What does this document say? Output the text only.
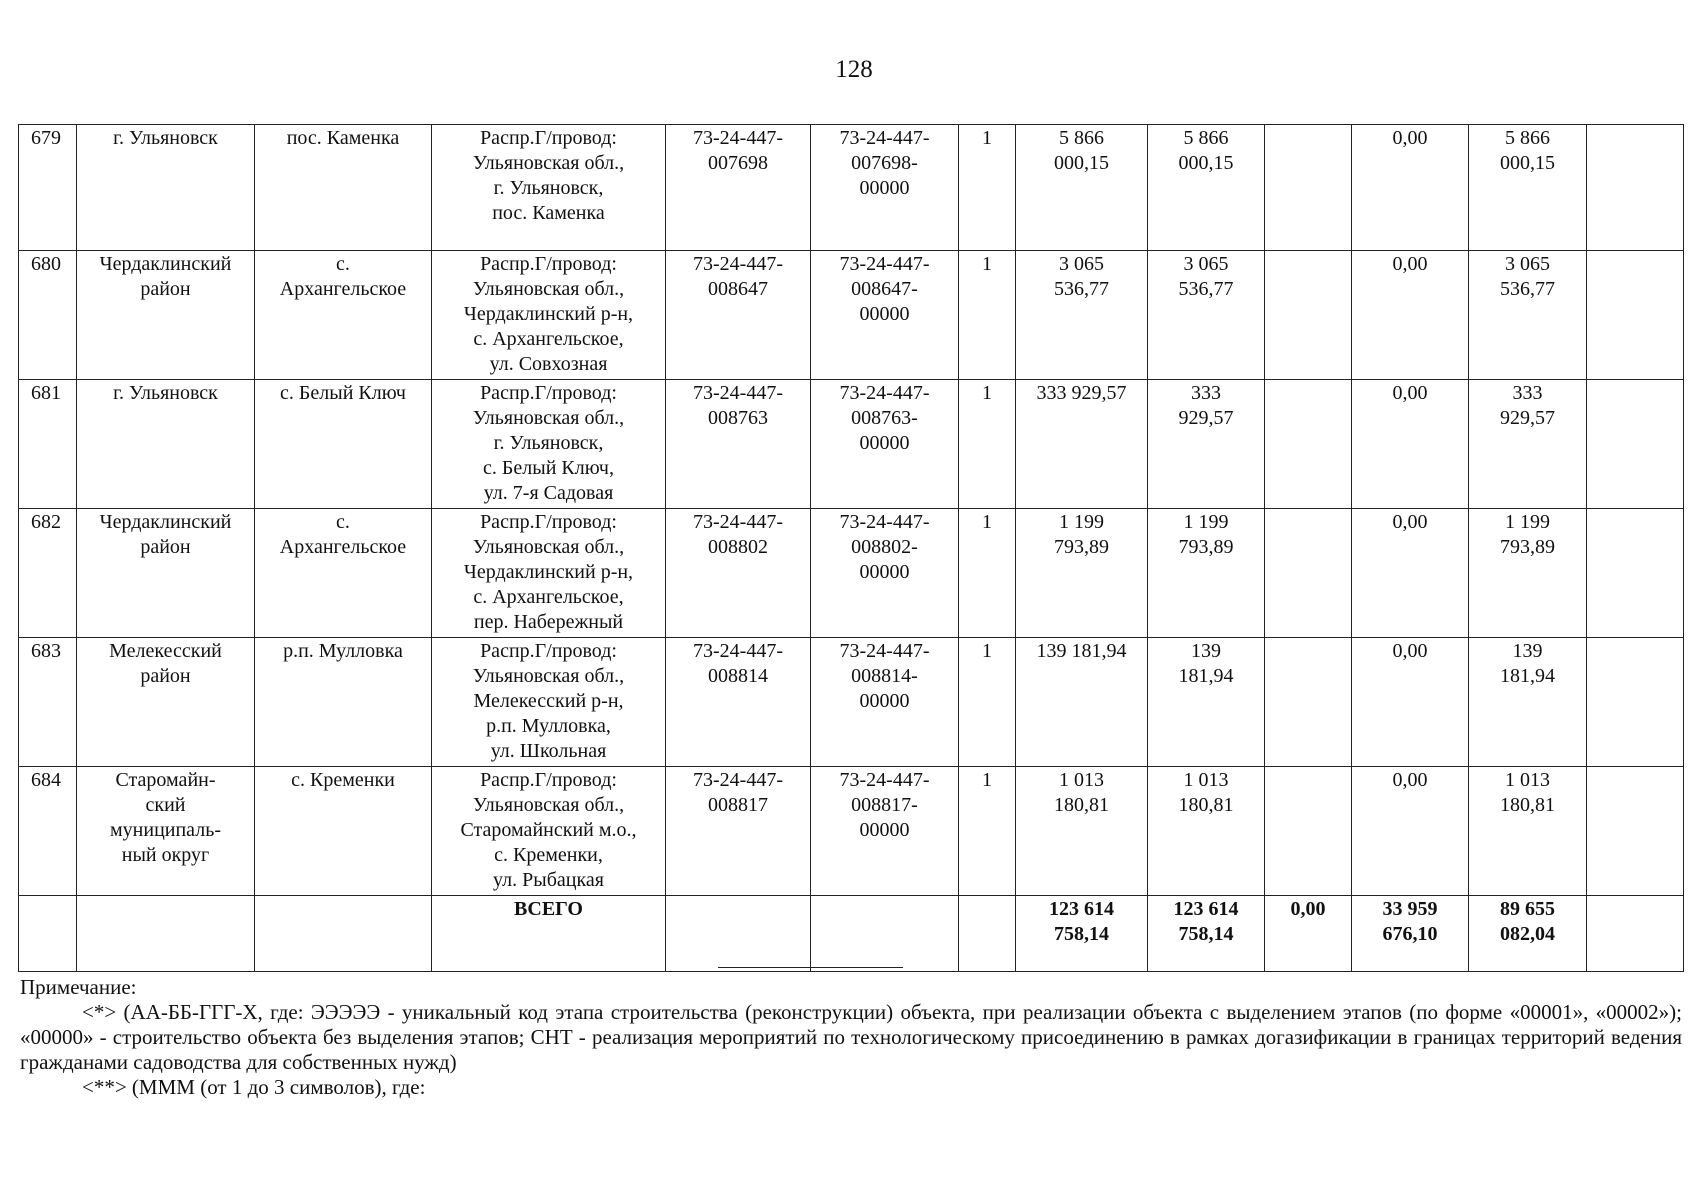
128
679	г. Ульяновск	пос. Каменка	Распр.Г/провод:
Ульяновская обл.,
г. Ульяновск,
пос. Каменка	73-24-447-
007698	73-24-447-
007698-
00000	1	5 866
000,15	5 866
000,15		0,00	5 866
000,15	

680	Чердаклинский
район	с.
Архангельское	Распр.Г/провод:
Ульяновская обл.,
Чердаклинский р-н,
с. Архангельское,
ул. Совхозная	73-24-447-
008647	73-24-447-
008647-
00000	1	3 065
536,77	3 065
536,77		0,00	3 065
536,77	

681	г. Ульяновск	с. Белый Ключ	Распр.Г/провод:
Ульяновская обл.,
г. Ульяновск,
с. Белый Ключ,
ул. 7-я Садовая	73-24-447-
008763	73-24-447-
008763-
00000	1	333 929,57	333
929,57		0,00	333
929,57	

682	Чердаклинский
район	с.
Архангельское	Распр.Г/провод:
Ульяновская обл.,
Чердаклинский р-н,
с. Архангельское,
пер. Набережный	73-24-447-
008802	73-24-447-
008802-
00000	1	1 199
793,89	1 199
793,89		0,00	1 199
793,89	

683	Мелекесский
район	р.п. Мулловка	Распр.Г/провод:
Ульяновская обл.,
Мелекесский р-н,
р.п. Мулловка,
ул. Школьная	73-24-447-
008814	73-24-447-
008814-
00000	1	139 181,94	139
181,94		0,00	139
181,94	

684	Старомайн-
ский
муниципаль-
ный округ	с. Кременки	Распр.Г/провод:
Ульяновская обл.,
Старомайнский м.о.,
с. Кременки,
ул. Рыбацкая	73-24-447-
008817	73-24-447-
008817-
00000	1	1 013
180,81	1 013
180,81		0,00	1 013
180,81	

			ВСЕГО				123 614
758,14	123 614
758,14	0,00	33 959
676,10	89 655
082,04	

Примечание:

<*> (АА-ББ-ГГГ-Х, где: ЭЭЭЭЭ - уникальный код этапа строительства (реконструкции) объекта, при реализации объекта с выделением этапов (по форме «00001», «00002»); «00000» - строительство объекта без выделения этапов; СНТ - реализация мероприятий по технологическому присоединению в рамках догазификации в границах территорий ведения гражданами садоводства для собственных нужд)

<**> (МММ (от 1 до 3 символов), где:
